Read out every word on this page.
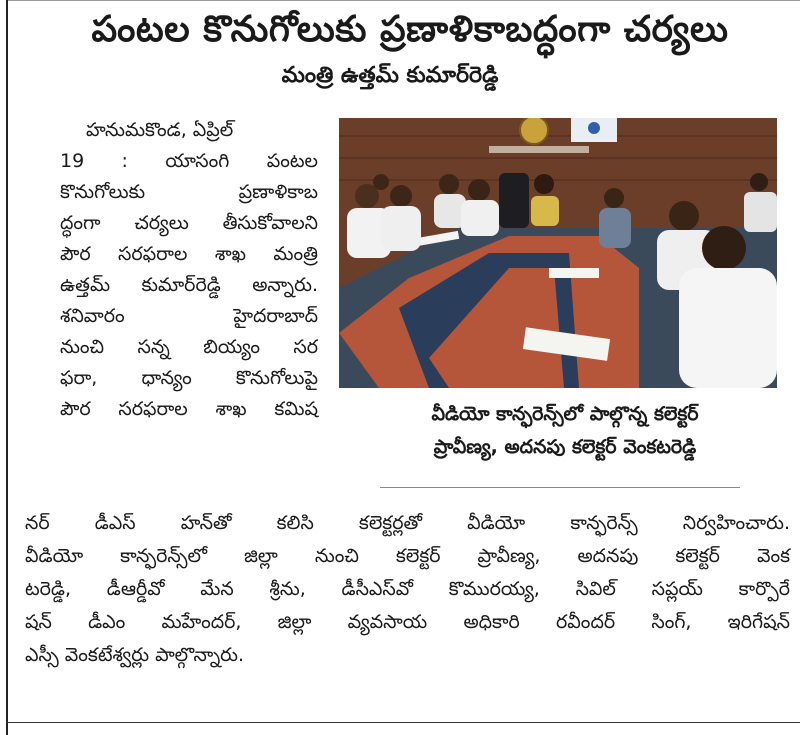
పంటల కొనుగోలుకు ప్రణాళికాబద్ధంగా చర్యలు
మంత్రి ఉత్తమ్ కుమార్‌రెడ్డి
హనుమకొండ, ఏప్రిల్
19 : యాసంగి పంటల
కొనుగోలుకు ప్రణాళికాబ
ద్ధంగా చర్యలు తీసుకోవాలని
పౌర సరఫరాల శాఖ మంత్రి
ఉత్తమ్ కుమార్‌రెడ్డి అన్నారు.
శనివారం హైదరాబాద్
నుంచి సన్న బియ్యం సర
ఫరా, ధాన్యం కొనుగోలుపై
పౌర సరఫరాల శాఖ కమిష	వీడియో కాన్ఫరెన్స్‌లో పాల్గొన్న కలెక్టర్
ప్రావీణ్య, అదనపు కలెక్టర్ వెంకటరెడ్డి
నర్ డీఎస్ హన్‌తో కలిసి కలెక్టర్లతో వీడియో కాన్ఫరెన్స్ నిర్వహించారు.
వీడియో కాన్ఫరెన్స్‌లో జిల్లా నుంచి కలెక్టర్ ప్రావీణ్య, అదనపు కలెక్టర్ వెంక
టరెడ్డి, డీఆర్డీవో మేన శ్రీను, డీసీఎస్‌వో కొమురయ్య, సివిల్ సప్లయ్ కార్పొరే
షన్ డీఎం మహేందర్, జిల్లా వ్యవసాయ అధికారి రవీందర్ సింగ్, ఇరిగేషన్
ఎస్సీ వెంకటేశ్వర్లు పాల్గొన్నారు.
